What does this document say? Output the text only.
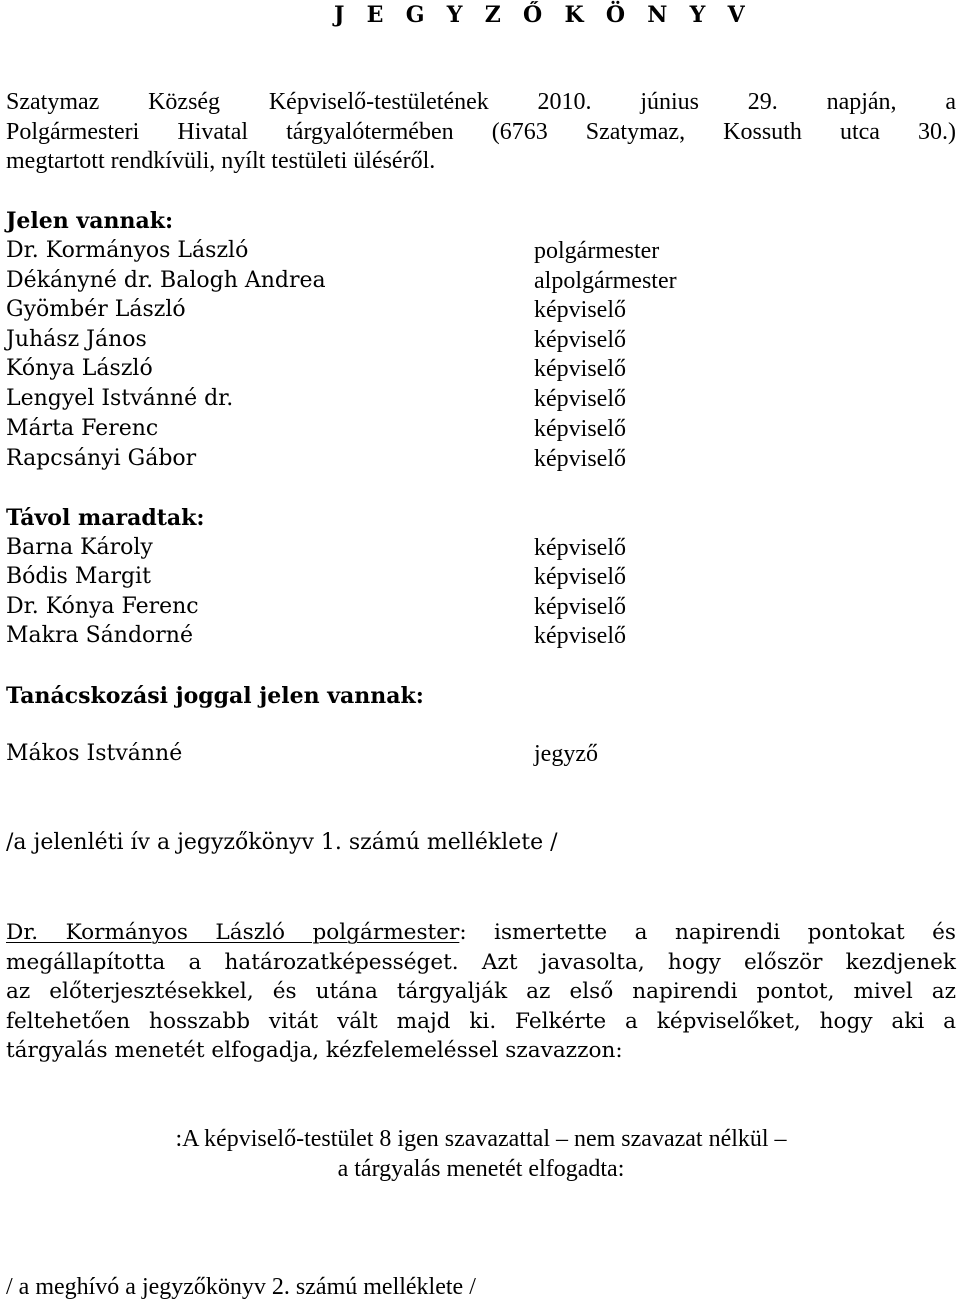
J E G Y Z Ő K Ö N Y V
Szatymaz Község Képviselő-testületének 2010. június 29. napján, a
Polgármesteri Hivatal tárgyalótermében (6763 Szatymaz, Kossuth utca 30.)
megtartott rendkívüli, nyílt testületi üléséről.
Jelen vannak:
Dr. Kormányos László	polgármester
Dékányné dr. Balogh Andrea	alpolgármester
Gyömbér László	képviselő
Juhász János	képviselő
Kónya László	képviselő
Lengyel Istvánné dr.	képviselő
Márta Ferenc	képviselő
Rapcsányi Gábor	képviselő
Távol maradtak:
Barna Károly	képviselő
Bódis Margit	képviselő
Dr. Kónya Ferenc	képviselő
Makra Sándorné	képviselő
Tanácskozási joggal jelen vannak:
Mákos Istvánné	jegyző
/a jelenléti ív a jegyzőkönyv 1. számú melléklete /
Dr. Kormányos László polgármester: ismertette a napirendi pontokat és
megállapította a határozatképességet. Azt javasolta, hogy először kezdjenek
az előterjesztésekkel, és utána tárgyalják az első napirendi pontot, mivel az
feltehetően hosszabb vitát vált majd ki. Felkérte a képviselőket, hogy aki a
tárgyalás menetét elfogadja, kézfelemeléssel szavazzon:
:A képviselő-testület 8 igen szavazattal – nem szavazat nélkül –
a tárgyalás menetét elfogadta:
/ a meghívó a jegyzőkönyv 2. számú melléklete /
